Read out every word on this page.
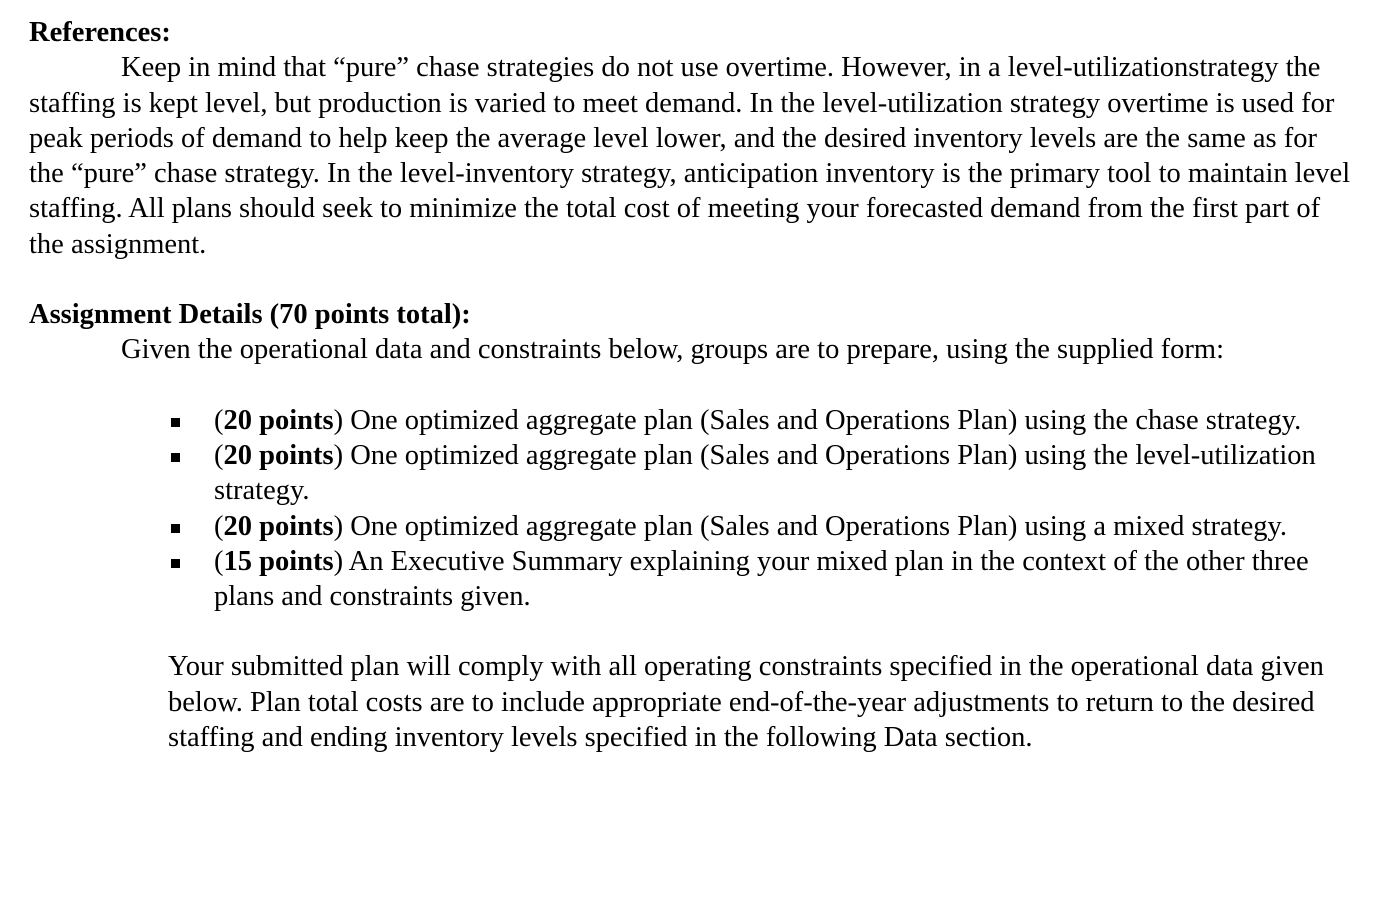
References:

Keep in mind that “pure” chase strategies do not use overtime. However, in a level-utilizationstrategy the staffing is kept level, but production is varied to meet demand. In the level-utilization strategy overtime is used for peak periods of demand to help keep the average level lower, and the desired inventory levels are the same as for the “pure” chase strategy. In the level-inventory strategy, anticipation inventory is the primary tool to maintain level staffing. All plans should seek to minimize the total cost of meeting your forecasted demand from the first part of the assignment.

Assignment Details (70 points total):

Given the operational data and constraints below, groups are to prepare, using the supplied form:

(20 points) One optimized aggregate plan (Sales and Operations Plan) using the chase strategy.
(20 points) One optimized aggregate plan (Sales and Operations Plan) using the level-utilization strategy.
(20 points) One optimized aggregate plan (Sales and Operations Plan) using a mixed strategy.
(15 points) An Executive Summary explaining your mixed plan in the context of the other three plans and constraints given.

Your submitted plan will comply with all operating constraints specified in the operational data given below. Plan total costs are to include appropriate end-of-the-year adjustments to return to the desired staffing and ending inventory levels specified in the following Data section.
